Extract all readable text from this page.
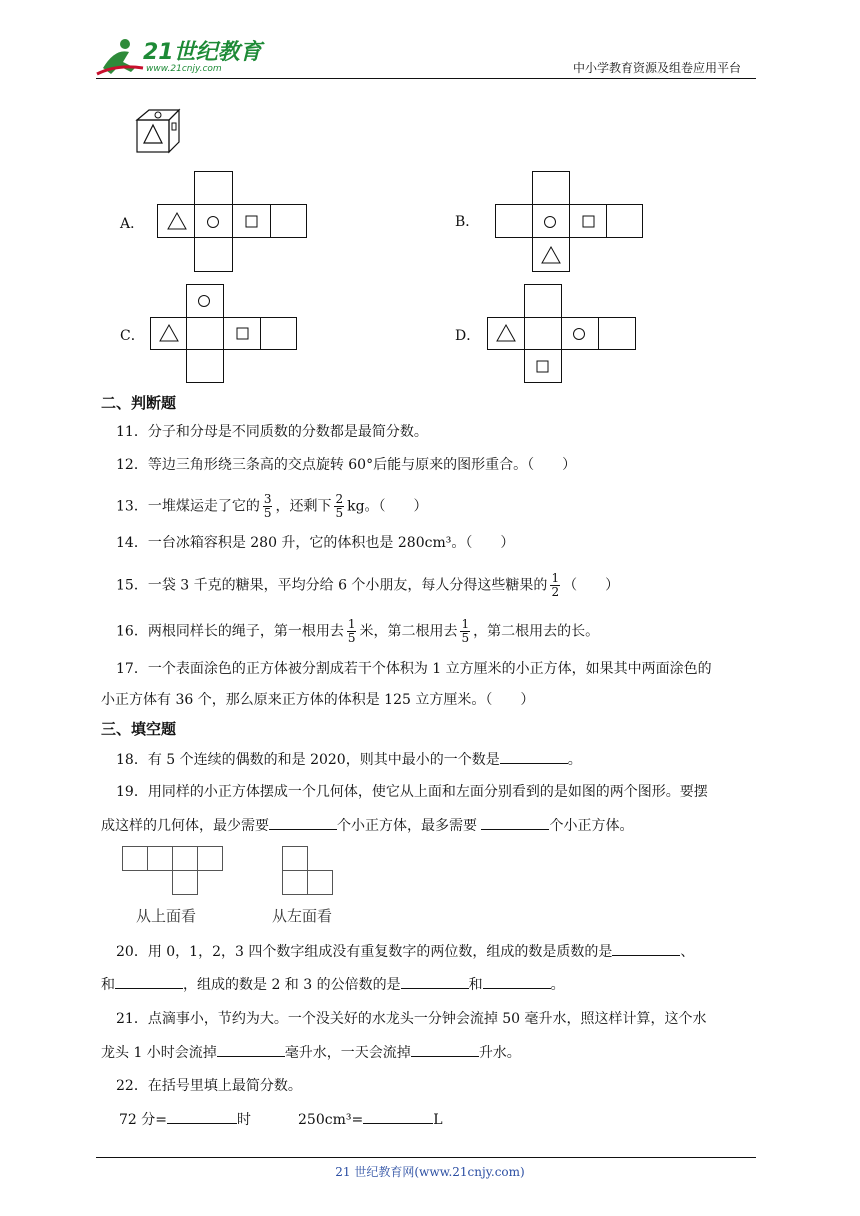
21世纪教育
www.21cnjy.com	中小学教育资源及组卷应用平台
A．	B．
C．	D．
二、判断题
11．分子和分母是不同质数的分数都是最简分数。
12．等边三角形绕三条高的交点旋转 60°后能与原来的图形重合。（　　）
13．一堆煤运走了它的 $\frac{3}{5}$ ，还剩下 $\frac{2}{5}$ kg。（　　）
14．一台冰箱容积是 280 升，它的体积也是 280cm³。（　　）
15．一袋 3 千克的糖果，平均分给 6 个小朋友，每人分得这些糖果的 $\frac{1}{2}$ （　　）
16．两根同样长的绳子，第一根用去 $\frac{1}{5}$ 米，第二根用去 $\frac{1}{5}$ ，第二根用去的长。
17．一个表面涂色的正方体被分割成若干个体积为 1 立方厘米的小正方体，如果其中两面涂色的
小正方体有 36 个，那么原来正方体的体积是 125 立方厘米。（　　）
三、填空题
18．有 5 个连续的偶数的和是 2020，则其中最小的一个数是	。
19．用同样的小正方体摆成一个几何体，使它从上面和左面分别看到的是如图的两个图形。要摆
成这样的几何体，最少需要	个小正方体，最多需要	个小正方体。
从上面看	从左面看
20．用 0，1，2，3 四个数字组成没有重复数字的两位数，组成的数是质数的是	、
和	，组成的数是 2 和 3 的公倍数的是	和	。
21．点滴事小，节约为大。一个没关好的水龙头一分钟会流掉 50 毫升水，照这样计算，这个水
龙头 1 小时会流掉	毫升水，一天会流掉	升水。
22．在括号里填上最简分数。
72 分=	时	250cm³=	L
21 世纪教育网(www.21cnjy.com)
